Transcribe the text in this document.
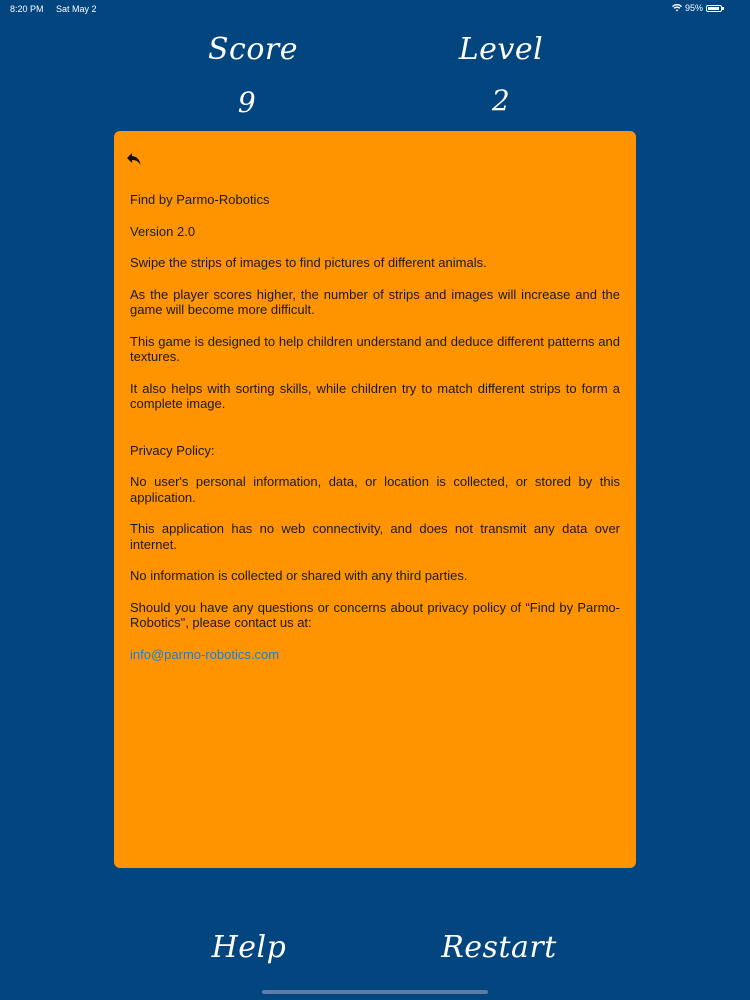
8:20 PM Sat May 2	95%
Score	Level
9	2

Find by Parmo-Robotics

Version 2.0

Swipe the strips of images to find pictures of different animals.

As the player scores higher, the number of strips and images will increase and the game will become more difficult.

This game is designed to help children understand and deduce different patterns and textures.

It also helps with sorting skills, while children try to match different strips to form a complete image.

Privacy Policy:

No user's personal information, data, or location is collected, or stored by this application.

This application has no web connectivity, and does not transmit any data over internet.

No information is collected or shared with any third parties.

Should you have any questions or concerns about privacy policy of “Find by Parmo-Robotics", please contact us at:

info@parmo-robotics.com

Help	Restart
